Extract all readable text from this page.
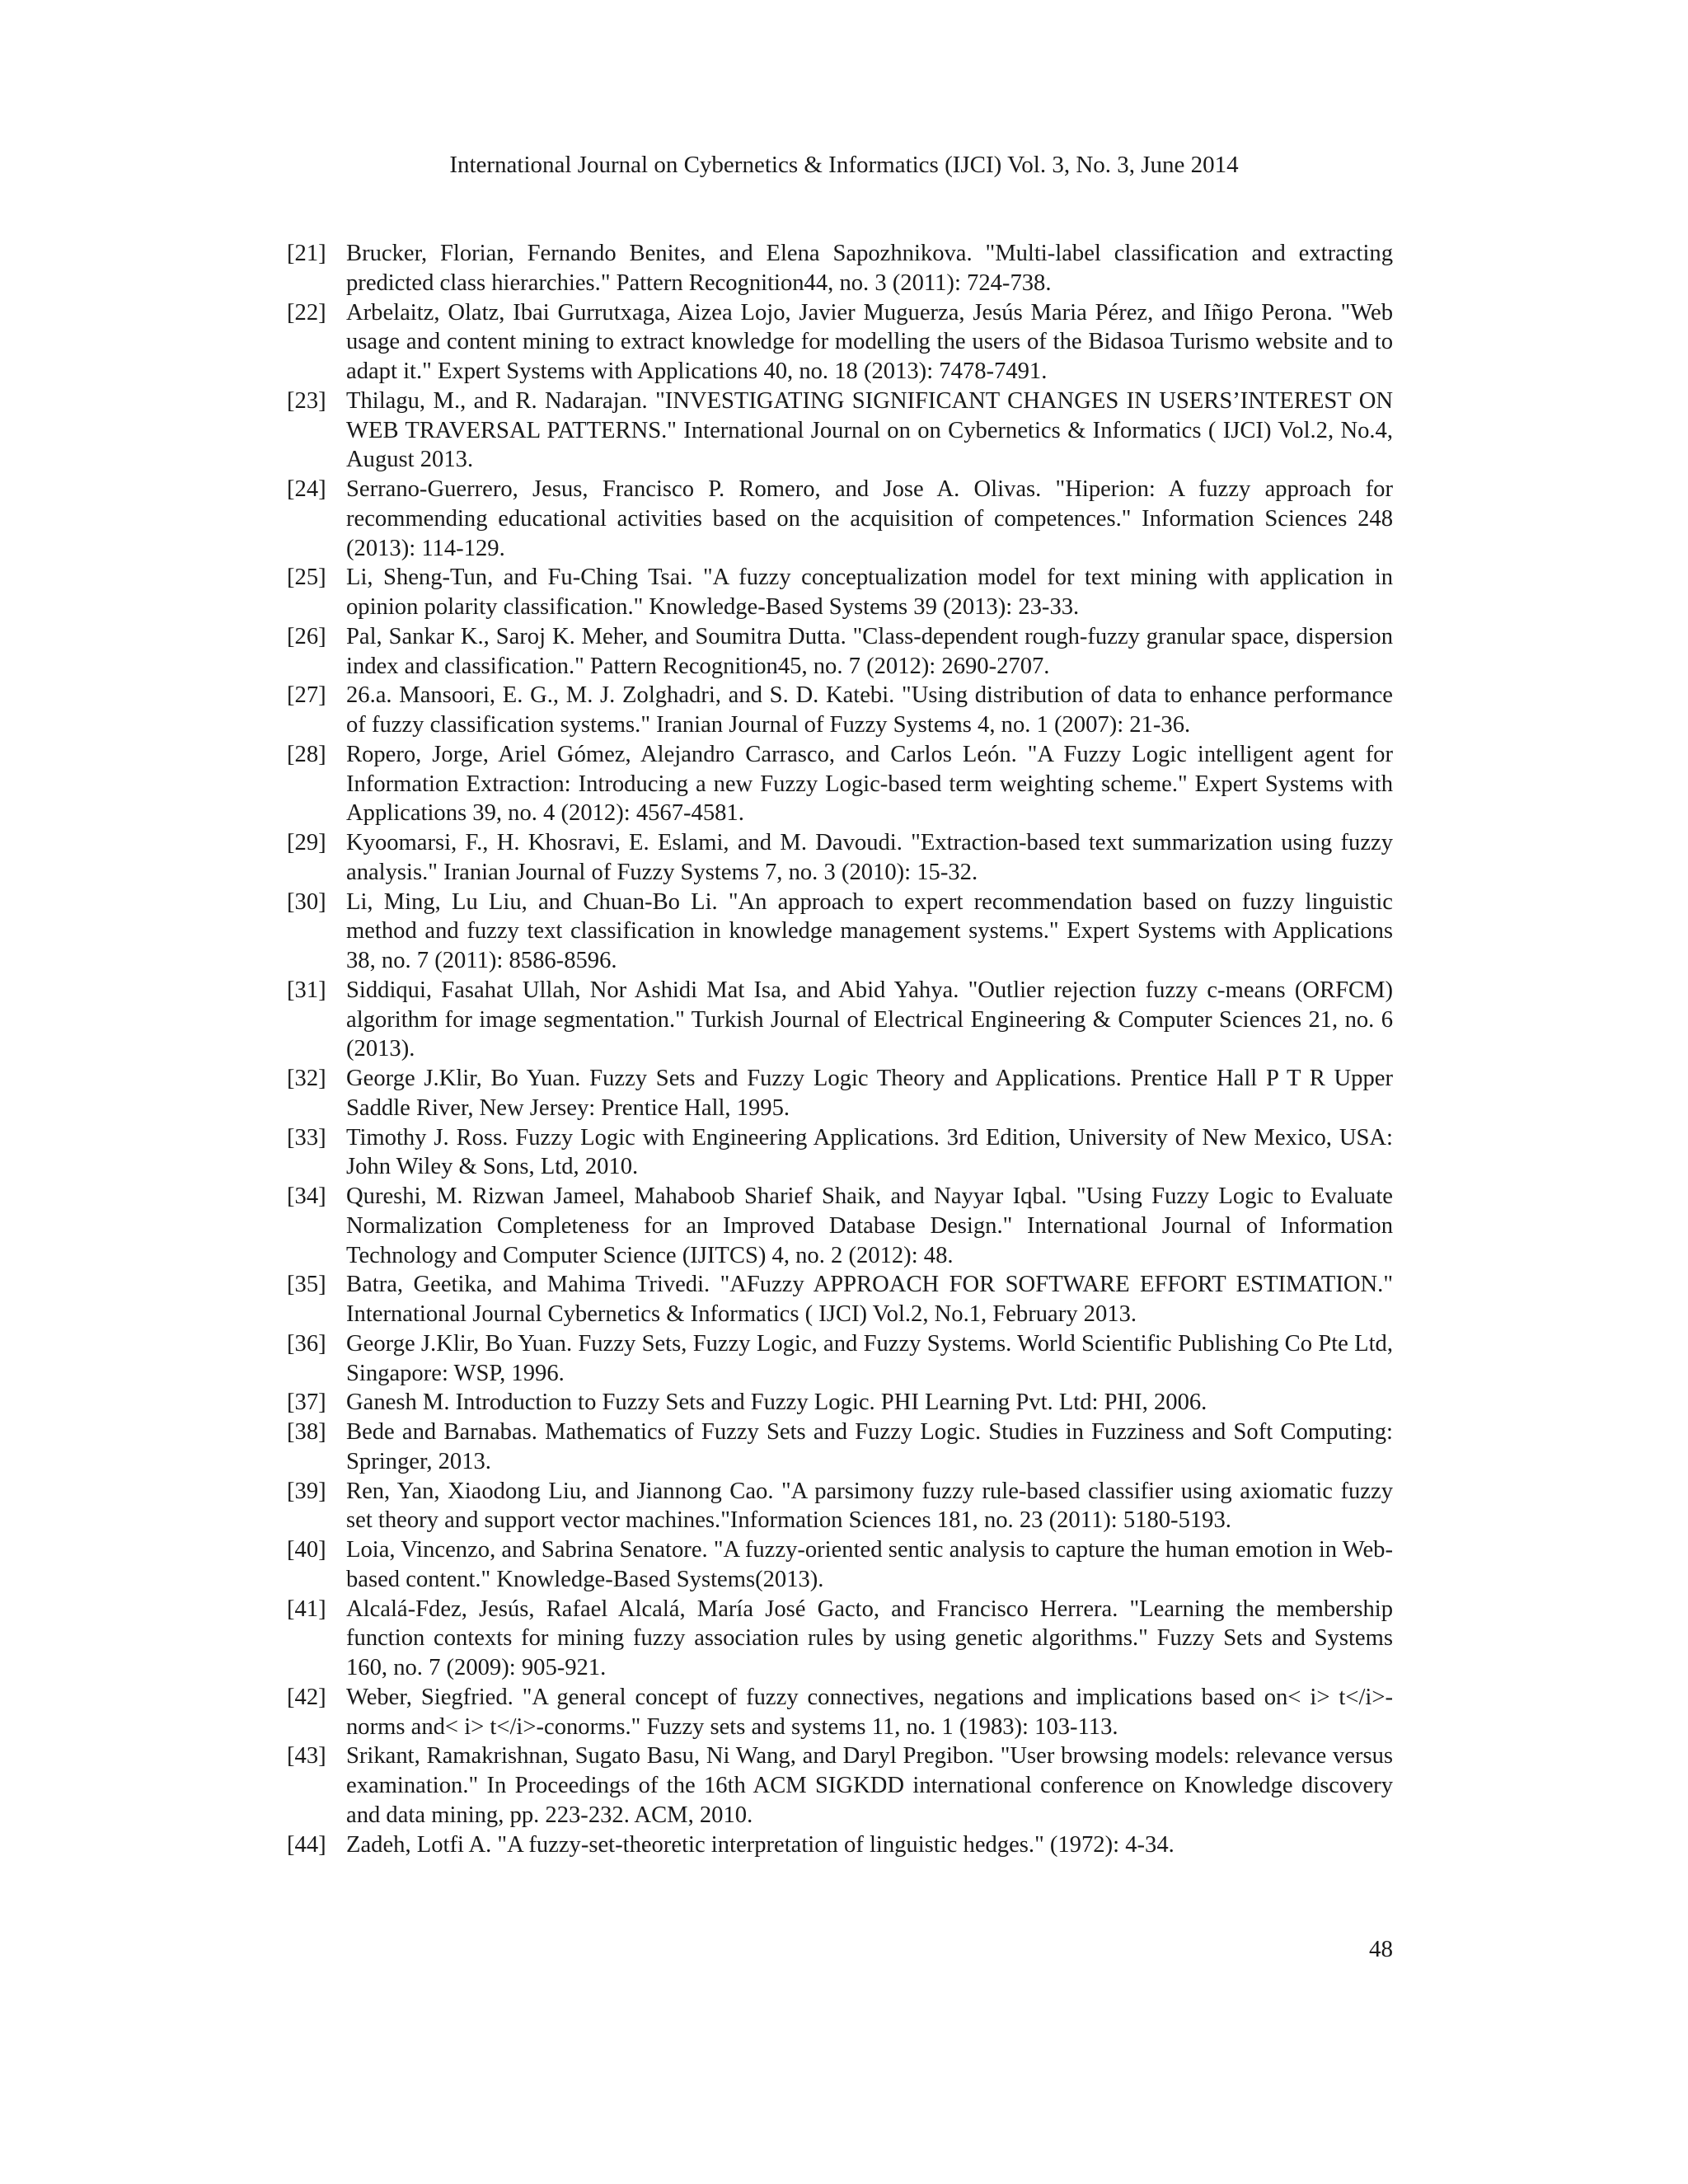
International Journal on Cybernetics & Informatics (IJCI) Vol. 3, No. 3, June 2014
[21] Brucker, Florian, Fernando Benites, and Elena Sapozhnikova. "Multi-label classification and extracting predicted class hierarchies." Pattern Recognition44, no. 3 (2011): 724-738.
[22] Arbelaitz, Olatz, Ibai Gurrutxaga, Aizea Lojo, Javier Muguerza, Jesús Maria Pérez, and Iñigo Perona. "Web usage and content mining to extract knowledge for modelling the users of the Bidasoa Turismo website and to adapt it." Expert Systems with Applications 40, no. 18 (2013): 7478-7491.
[23] Thilagu, M., and R. Nadarajan. "INVESTIGATING SIGNIFICANT CHANGES IN USERS’INTEREST ON WEB TRAVERSAL PATTERNS." International Journal on on Cybernetics & Informatics ( IJCI) Vol.2, No.4, August 2013.
[24] Serrano-Guerrero, Jesus, Francisco P. Romero, and Jose A. Olivas. "Hiperion: A fuzzy approach for recommending educational activities based on the acquisition of competences." Information Sciences 248 (2013): 114-129.
[25] Li, Sheng-Tun, and Fu-Ching Tsai. "A fuzzy conceptualization model for text mining with application in opinion polarity classification." Knowledge-Based Systems 39 (2013): 23-33.
[26] Pal, Sankar K., Saroj K. Meher, and Soumitra Dutta. "Class-dependent rough-fuzzy granular space, dispersion index and classification." Pattern Recognition45, no. 7 (2012): 2690-2707.
[27] 26.a. Mansoori, E. G., M. J. Zolghadri, and S. D. Katebi. "Using distribution of data to enhance performance of fuzzy classification systems." Iranian Journal of Fuzzy Systems 4, no. 1 (2007): 21-36.
[28] Ropero, Jorge, Ariel Gómez, Alejandro Carrasco, and Carlos León. "A Fuzzy Logic intelligent agent for Information Extraction: Introducing a new Fuzzy Logic-based term weighting scheme." Expert Systems with Applications 39, no. 4 (2012): 4567-4581.
[29] Kyoomarsi, F., H. Khosravi, E. Eslami, and M. Davoudi. "Extraction-based text summarization using fuzzy analysis." Iranian Journal of Fuzzy Systems 7, no. 3 (2010): 15-32.
[30] Li, Ming, Lu Liu, and Chuan-Bo Li. "An approach to expert recommendation based on fuzzy linguistic method and fuzzy text classification in knowledge management systems." Expert Systems with Applications 38, no. 7 (2011): 8586-8596.
[31] Siddiqui, Fasahat Ullah, Nor Ashidi Mat Isa, and Abid Yahya. "Outlier rejection fuzzy c-means (ORFCM) algorithm for image segmentation." Turkish Journal of Electrical Engineering & Computer Sciences 21, no. 6 (2013).
[32] George J.Klir, Bo Yuan. Fuzzy Sets and Fuzzy Logic Theory and Applications. Prentice Hall P T R Upper Saddle River, New Jersey: Prentice Hall, 1995.
[33] Timothy J. Ross. Fuzzy Logic with Engineering Applications. 3rd Edition, University of New Mexico, USA: John Wiley & Sons, Ltd, 2010.
[34] Qureshi, M. Rizwan Jameel, Mahaboob Sharief Shaik, and Nayyar Iqbal. "Using Fuzzy Logic to Evaluate Normalization Completeness for an Improved Database Design." International Journal of Information Technology and Computer Science (IJITCS) 4, no. 2 (2012): 48.
[35] Batra, Geetika, and Mahima Trivedi. "AFuzzy APPROACH FOR SOFTWARE EFFORT ESTIMATION." International Journal Cybernetics & Informatics ( IJCI) Vol.2, No.1, February 2013.
[36] George J.Klir, Bo Yuan. Fuzzy Sets, Fuzzy Logic, and Fuzzy Systems. World Scientific Publishing Co Pte Ltd, Singapore: WSP, 1996.
[37] Ganesh M. Introduction to Fuzzy Sets and Fuzzy Logic. PHI Learning Pvt. Ltd: PHI, 2006.
[38] Bede and Barnabas. Mathematics of Fuzzy Sets and Fuzzy Logic. Studies in Fuzziness and Soft Computing: Springer, 2013.
[39] Ren, Yan, Xiaodong Liu, and Jiannong Cao. "A parsimony fuzzy rule-based classifier using axiomatic fuzzy set theory and support vector machines."Information Sciences 181, no. 23 (2011): 5180-5193.
[40] Loia, Vincenzo, and Sabrina Senatore. "A fuzzy-oriented sentic analysis to capture the human emotion in Web-based content." Knowledge-Based Systems(2013).
[41] Alcalá-Fdez, Jesús, Rafael Alcalá, María José Gacto, and Francisco Herrera. "Learning the membership function contexts for mining fuzzy association rules by using genetic algorithms." Fuzzy Sets and Systems 160, no. 7 (2009): 905-921.
[42] Weber, Siegfried. "A general concept of fuzzy connectives, negations and implications based on< i> t</i>-norms and< i> t</i>-conorms." Fuzzy sets and systems 11, no. 1 (1983): 103-113.
[43] Srikant, Ramakrishnan, Sugato Basu, Ni Wang, and Daryl Pregibon. "User browsing models: relevance versus examination." In Proceedings of the 16th ACM SIGKDD international conference on Knowledge discovery and data mining, pp. 223-232. ACM, 2010.
[44] Zadeh, Lotfi A. "A fuzzy-set-theoretic interpretation of linguistic hedges." (1972): 4-34.
48
